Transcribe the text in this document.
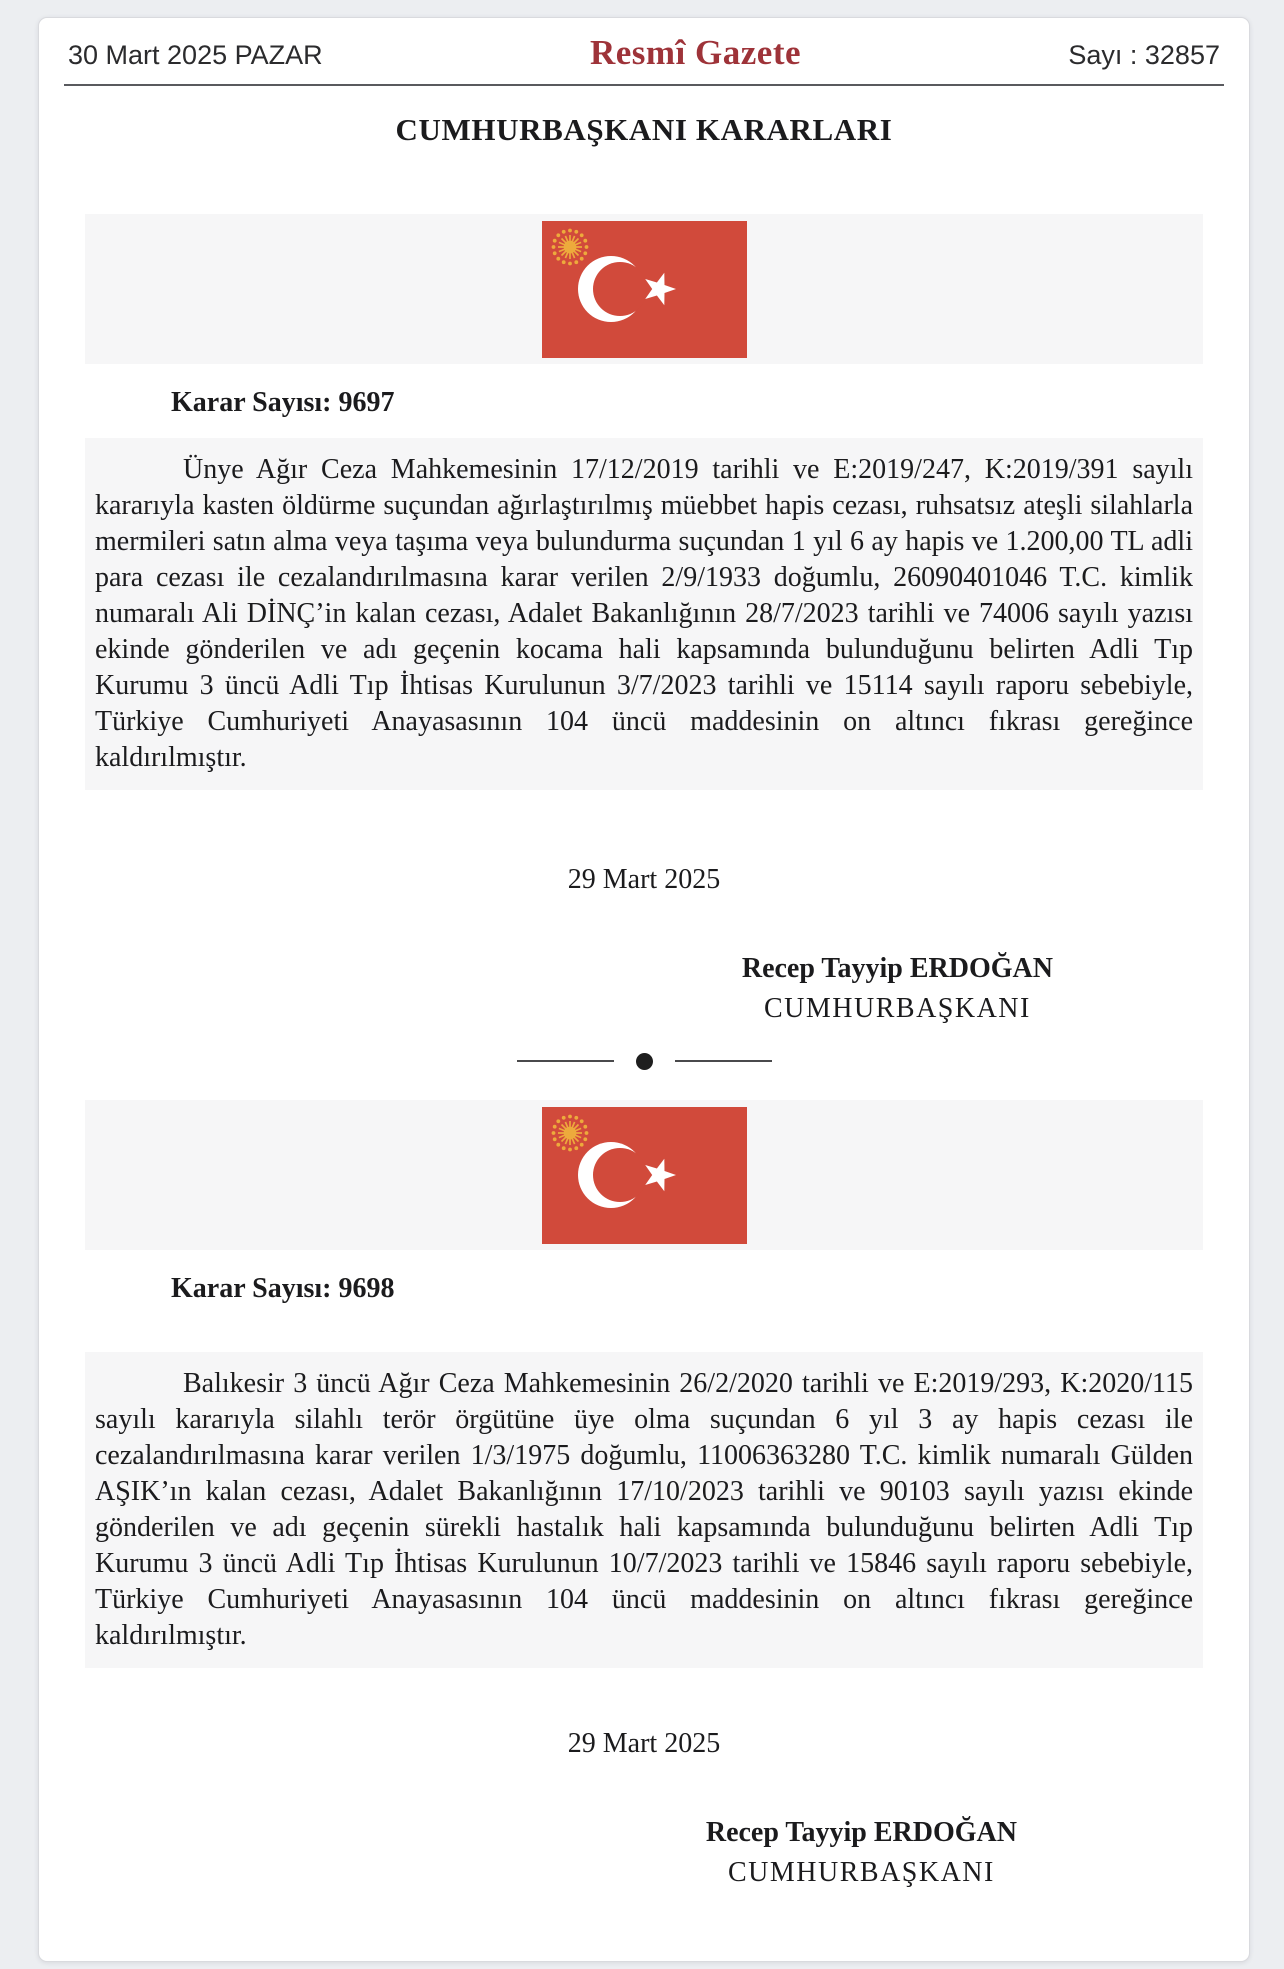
30 Mart 2025 PAZAR	Resmî Gazete	Sayı : 32857
CUMHURBAŞKANI KARARLARI
Karar Sayısı: 9697

Ünye Ağır Ceza Mahkemesinin 17/12/2019 tarihli ve E:2019/247, K:2019/391 sayılı kararıyla kasten öldürme suçundan ağırlaştırılmış müebbet hapis cezası, ruhsatsız ateşli silahlarla mermileri satın alma veya taşıma veya bulundurma suçundan 1 yıl 6 ay hapis ve 1.200,00 TL adli para cezası ile cezalandırılmasına karar verilen 2/9/1933 doğumlu, 26090401046 T.C. kimlik numaralı Ali DİNÇ’in kalan cezası, Adalet Bakanlığının 28/7/2023 tarihli ve 74006 sayılı yazısı ekinde gönderilen ve adı geçenin kocama hali kapsamında bulunduğunu belirten Adli Tıp Kurumu 3 üncü Adli Tıp İhtisas Kurulunun 3/7/2023 tarihli ve 15114 sayılı raporu sebebiyle, Türkiye Cumhuriyeti Anayasasının 104 üncü maddesinin on altıncı fıkrası gereğince kaldırılmıştır.

29 Mart 2025
Recep Tayyip ERDOĞAN
CUMHURBAŞKANI
Karar Sayısı: 9698

Balıkesir 3 üncü Ağır Ceza Mahkemesinin 26/2/2020 tarihli ve E:2019/293, K:2020/115 sayılı kararıyla silahlı terör örgütüne üye olma suçundan 6 yıl 3 ay hapis cezası ile cezalandırılmasına karar verilen 1/3/1975 doğumlu, 11006363280 T.C. kimlik numaralı Gülden AŞIK’ın kalan cezası, Adalet Bakanlığının 17/10/2023 tarihli ve 90103 sayılı yazısı ekinde gönderilen ve adı geçenin sürekli hastalık hali kapsamında bulunduğunu belirten Adli Tıp Kurumu 3 üncü Adli Tıp İhtisas Kurulunun 10/7/2023 tarihli ve 15846 sayılı raporu sebebiyle, Türkiye Cumhuriyeti Anayasasının 104 üncü maddesinin on altıncı fıkrası gereğince kaldırılmıştır.

29 Mart 2025
Recep Tayyip ERDOĞAN
CUMHURBAŞKANI
